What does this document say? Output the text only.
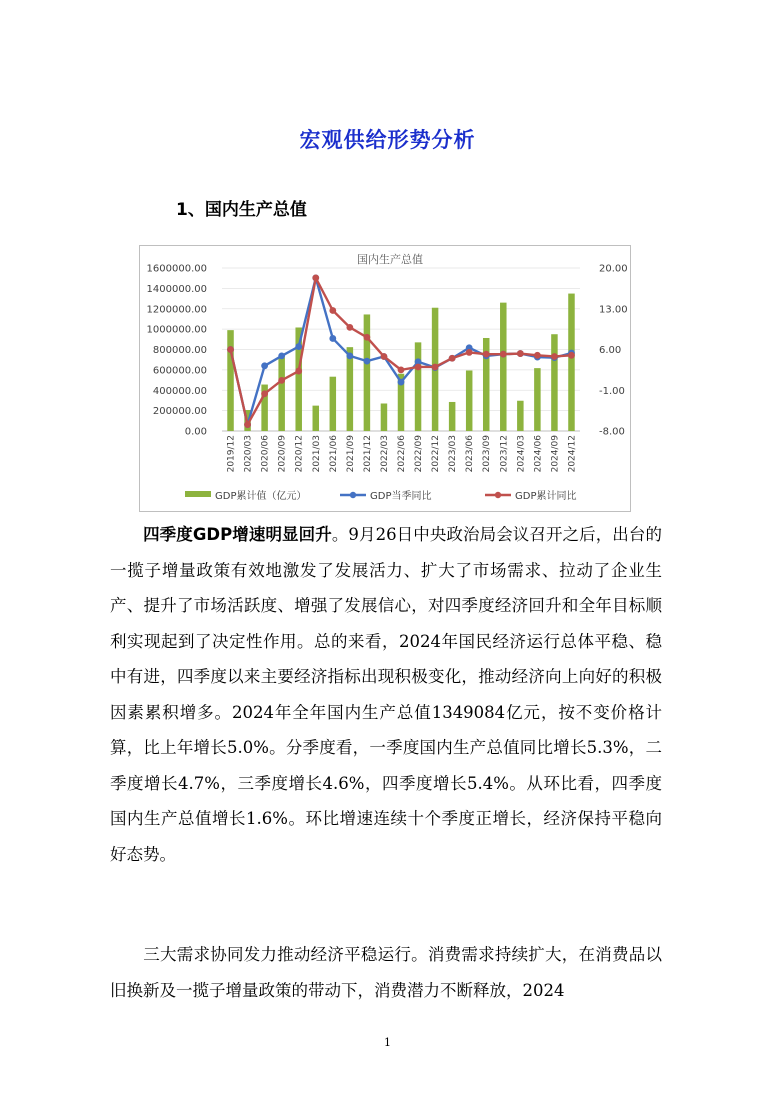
宏观供给形势分析
1、国内生产总值
国内生产总值
0.00
200000.00
400000.00
600000.00
800000.00
1000000.00
1200000.00
1400000.00
1600000.00
-8.00
-1.00
6.00
13.00
20.00
2019/12 2020/03 2020/06 2020/09 2020/12 2021/03 2021/06 2021/09 2021/12 2022/03 2022/06 2022/09 2022/12 2023/03 2023/06 2023/09 2023/12 2024/03 2024/06 2024/09 2024/12
GDP累计值（亿元）	GDP当季同比	GDP累计同比
四季度GDP增速明显回升。9月26日中央政治局会议召开之后，出台的一揽子增量政策有效地激发了发展活力、扩大了市场需求、拉动了企业生产、提升了市场活跃度、增强了发展信心，对四季度经济回升和全年目标顺利实现起到了决定性作用。总的来看，2024年国民经济运行总体平稳、稳中有进，四季度以来主要经济指标出现积极变化，推动经济向上向好的积极因素累积增多。2024年全年国内生产总值1349084亿元，按不变价格计算，比上年增长5.0%。分季度看，一季度国内生产总值同比增长5.3%，二季度增长4.7%，三季度增长4.6%，四季度增长5.4%。从环比看，四季度国内生产总值增长1.6%。环比增速连续十个季度正增长，经济保持平稳向好态势。
三大需求协同发力推动经济平稳运行。消费需求持续扩大，在消费品以旧换新及一揽子增量政策的带动下，消费潜力不断释放，2024
1
